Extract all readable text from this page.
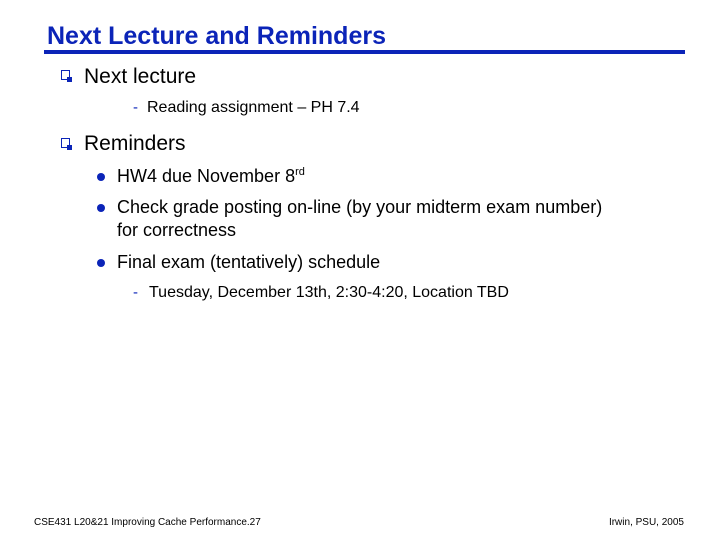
Next Lecture and Reminders
Next lecture
- Reading assignment – PH 7.4
Reminders
HW4 due November 8rd
Check grade posting on-line (by your midterm exam number)
for correctness
Final exam (tentatively) schedule
- Tuesday, December 13th, 2:30-4:20, Location TBD
CSE431 L20&21 Improving Cache Performance.27	Irwin, PSU, 2005
